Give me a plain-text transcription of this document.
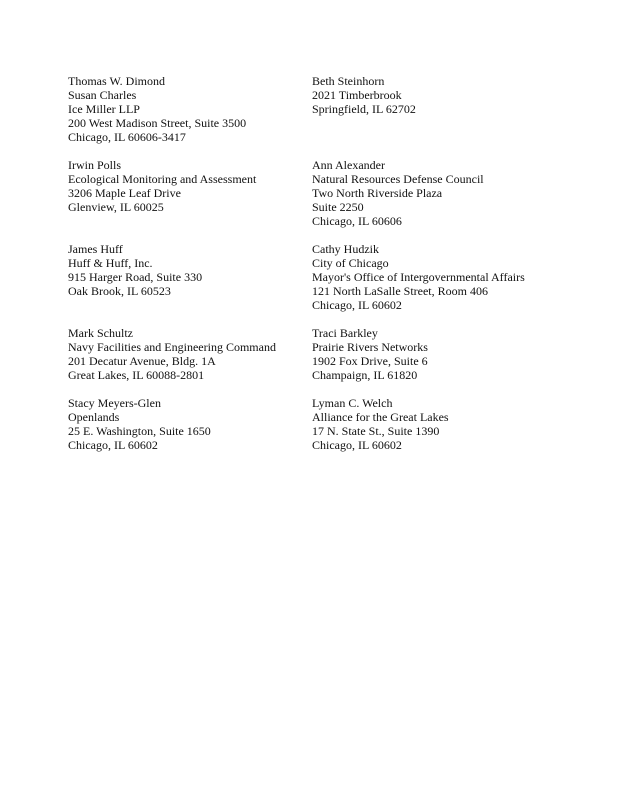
Thomas W. Dimond
Susan Charles
Ice Miller LLP
200 West Madison Street, Suite 3500
Chicago, IL 60606-3417
Beth Steinhorn
2021 Timberbrook
Springfield, IL 62702
Irwin Polls
Ecological Monitoring and Assessment
3206 Maple Leaf Drive
Glenview, IL 60025
Ann Alexander
Natural Resources Defense Council
Two North Riverside Plaza
Suite 2250
Chicago, IL 60606
James Huff
Huff & Huff, Inc.
915 Harger Road, Suite 330
Oak Brook, IL 60523
Cathy Hudzik
City of Chicago
Mayor's Office of Intergovernmental Affairs
121 North LaSalle Street, Room 406
Chicago, IL 60602
Mark Schultz
Navy Facilities and Engineering Command
201 Decatur Avenue, Bldg. 1A
Great Lakes, IL 60088-2801
Traci Barkley
Prairie Rivers Networks
1902 Fox Drive, Suite 6
Champaign, IL 61820
Stacy Meyers-Glen
Openlands
25 E. Washington, Suite 1650
Chicago, IL 60602
Lyman C. Welch
Alliance for the Great Lakes
17 N. State St., Suite 1390
Chicago, IL 60602
